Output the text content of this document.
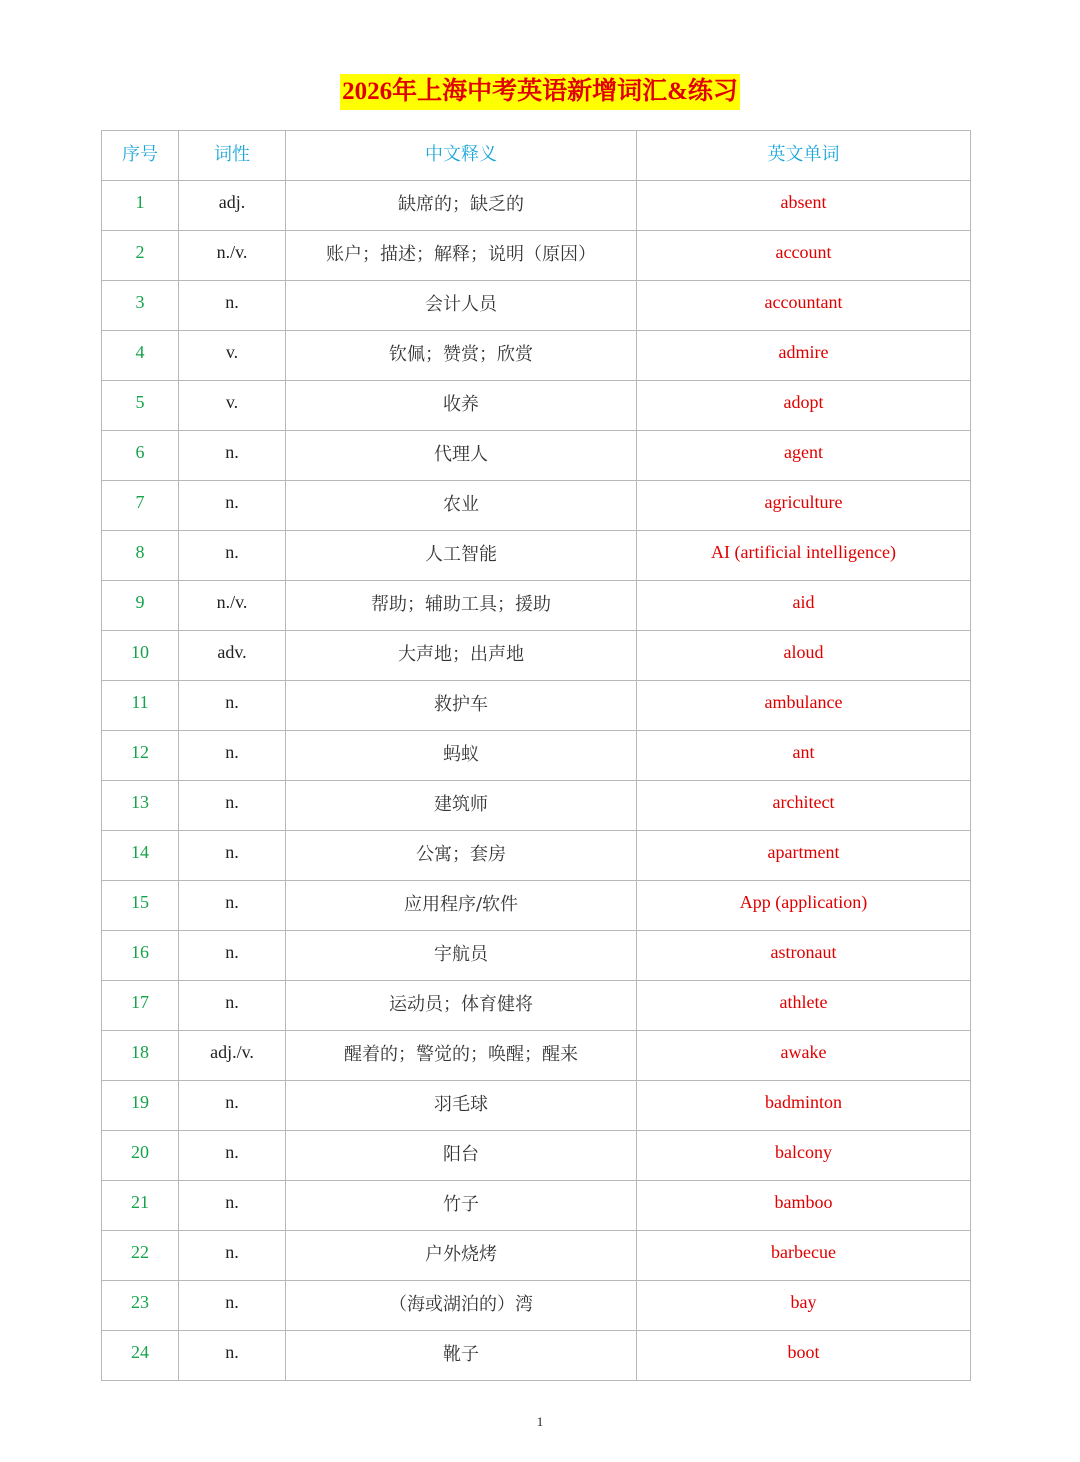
2026年上海中考英语新增词汇&练习
序号	词性	中文释义	英文单词
1	adj.	缺席的；缺乏的	absent
2	n./v.	账户；描述；解释；说明（原因）	account
3	n.	会计人员	accountant
4	v.	钦佩；赞赏；欣赏	admire
5	v.	收养	adopt
6	n.	代理人	agent
7	n.	农业	agriculture
8	n.	人工智能	AI (artificial intelligence)
9	n./v.	帮助；辅助工具；援助	aid
10	adv.	大声地；出声地	aloud
11	n.	救护车	ambulance
12	n.	蚂蚁	ant
13	n.	建筑师	architect
14	n.	公寓；套房	apartment
15	n.	应用程序/软件	App (application)
16	n.	宇航员	astronaut
17	n.	运动员；体育健将	athlete
18	adj./v.	醒着的；警觉的；唤醒；醒来	awake
19	n.	羽毛球	badminton
20	n.	阳台	balcony
21	n.	竹子	bamboo
22	n.	户外烧烤	barbecue
23	n.	（海或湖泊的）湾	bay
24	n.	靴子	boot
1
